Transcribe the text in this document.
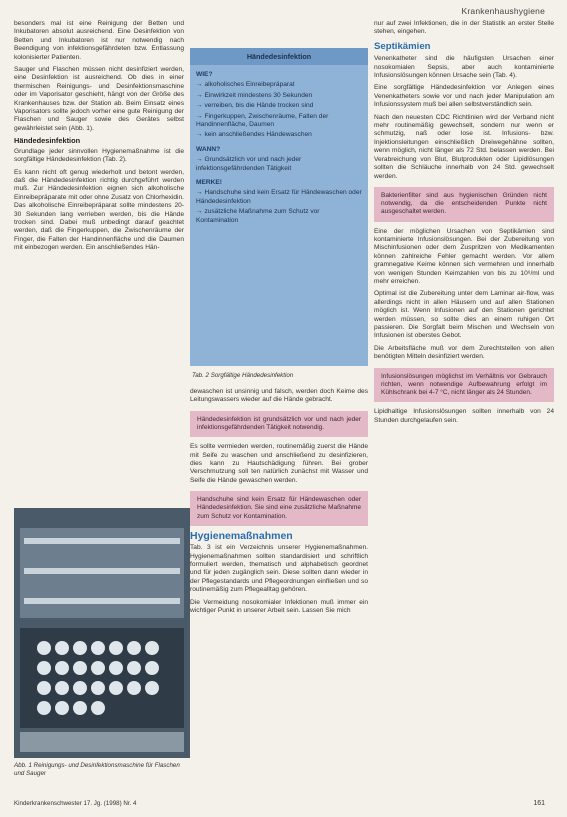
Krankenhaushygiene

besonders mal ist eine Reinigung der Betten und Inkubatoren absolut ausreichend. Eine Desinfektion von Betten und Inkubatoren ist nur notwendig nach Beendigung von infektionsgefährdeten bzw. Entlassung kolonisierter Patienten.

Sauger und Flaschen müssen nicht desinfiziert werden, eine Desinfektion ist ausreichend. Ob dies in einer thermischen Reinigungs- und Desinfektionsmaschine oder im Vaporisator geschieht, hängt von der Größe des Krankenhauses bzw. der Station ab. Beim Einsatz eines Vaporisators sollte jedoch vorher eine gute Reinigung der Flaschen und Sauger sowie des Gerätes selbst gewährleistet sein (Abb. 1).

Händedesinfektion

Grundlage jeder sinnvollen Hygienemaßnahme ist die sorgfältige Händedesinfektion (Tab. 2).

Es kann nicht oft genug wiederholt und betont werden, daß die Händedesinfektion richtig durchgeführt werden muß. Zur Händedesinfektion eignen sich alkoholische Einreibepräparate mit oder ohne Zusatz von Chlorhexidin. Das alkoholische Einreibepräparat sollte mindestens 20-30 Sekunden lang verrieben werden, bis die Hände trocken sind. Dabei muß unbedingt darauf geachtet werden, daß die Fingerkuppen, die Zwischenräume der Finger, die Falten der Handinnenfläche und die Daumen mit einbezogen werden. Ein anschließendes Hän-

Abb. 1 Reinigungs- und Desinfektionsmaschine für Flaschen und Sauger
Händedesinfektion
WIE?
→ alkoholisches Einreibepräparat
→ Einwirkzeit mindestens 30 Sekunden
→ verreiben, bis die Hände trocken sind
→ Fingerkuppen, Zwischenräume, Falten der Handinnenfläche, Daumen
→ kein anschließendes Händewaschen
WANN?
→ Grundsätzlich vor und nach jeder infektionsgefährdenden Tätigkeit
MERKE!
→ Handschuhe sind kein Ersatz für Händewaschen oder Händedesinfektion
→ zusätzliche Maßnahme zum Schutz vor Kontamination
Tab. 2 Sorgfältige Händedesinfektion

dewaschen ist unsinnig und falsch, werden doch Keime des Leitungswassers wieder auf die Hände gebracht.

Händedesinfektion ist grundsätzlich vor und nach jeder infektionsgefährdenden Tätigkeit notwendig.

Es sollte vermieden werden, routinemäßig zuerst die Hände mit Seife zu waschen und anschließend zu desinfizieren, dies kann zu Hautschädigung führen. Bei grober Verschmutzung soll ten natürlich zunächst mit Wasser und Seife die Hände gewaschen werden.

Handschuhe sind kein Ersatz für Händewaschen oder Händedesinfektion. Sie sind eine zusätzliche Maßnahme zum Schutz vor Kontamination.
Hygienemaßnahmen

Tab. 3 ist ein Verzeichnis unserer Hygienemaßnahmen. Hygienemaßnahmen sollten standardisiert und schriftlich formuliert werden, thematisch und alphabetisch geordnet und für jeden zugänglich sein. Diese sollten dann wieder in der Pflegestandards und Pflegeordnungen einfließen und so routinemäßig zum Pflegealltag gehören.

Die Vermeidung nosokomialer Infektionen muß immer ein wichtiger Punkt in unserer Arbeit sein. Lassen Sie mich

nur auf zwei Infektionen, die in der Statistik an erster Stelle stehen, eingehen.

Septikämien

Venenkatheter sind die häufigsten Ursachen einer nosokomialen Sepsis, aber auch kontaminierte Infusionslösungen können Ursache sein (Tab. 4).

Eine sorgfältige Händedesinfektion vor Anlegen eines Venenkatheters sowie vor und nach jeder Manipulation am Infusionssystem muß bei allen selbstverständlich sein.

Nach den neuesten CDC Richtlinien wird der Verband nicht mehr routinemäßig gewechselt, sondern nur wenn er schmutzig, naß oder lose ist. Infusions- bzw. Injektionsleitungen einschließlich Dreiwegehähne sollten, wenn möglich, nicht länger als 72 Std. belassen werden. Bei Verabreichung von Blut, Blutprodukten oder Lipidlösungen sollten die Schläuche innerhalb von 24 Std. gewechselt werden.

Bakterienfilter sind aus hygienischen Gründen nicht notwendig, da die entscheidenden Punkte nicht ausgeschaltet werden.

Eine der möglichen Ursachen von Septikämien sind kontaminierte Infusionslösungen. Bei der Zubereitung von Mischinfusionen oder dem Zuspritzen von Medikamenten können zahlreiche Fehler gemacht werden. Vor allem gramnegative Keime können sich vermehren und innerhalb von wenigen Stunden Keimzahlen von bis zu 10⁶/ml und mehr erreichen.

Optimal ist die Zubereitung unter dem Laminar air-flow, was allerdings nicht in allen Häusern und auf allen Stationen möglich ist. Wenn Infusionen auf den Stationen gerichtet werden müssen, so sollte dies an einem ruhigen Ort passieren. Die Sorgfalt beim Mischen und Wechseln von Infusionen ist oberstes Gebot.

Die Arbeitsfläche muß vor dem Zurechtstellen von allen benötigten Mitteln desinfiziert werden.

Infusionslösungen möglichst im Verhältnis vor Gebrauch richten, wenn notwendige Aufbewahrung erfolgt im Kühlschrank bei 4-7 °C, nicht länger als 24 Stunden.

Lipidhaltige Infusionslösungen sollten innerhalb von 24 Stunden durchgelaufen sein.

Kinderkrankenschwester 17. Jg. (1998) Nr. 4	161
